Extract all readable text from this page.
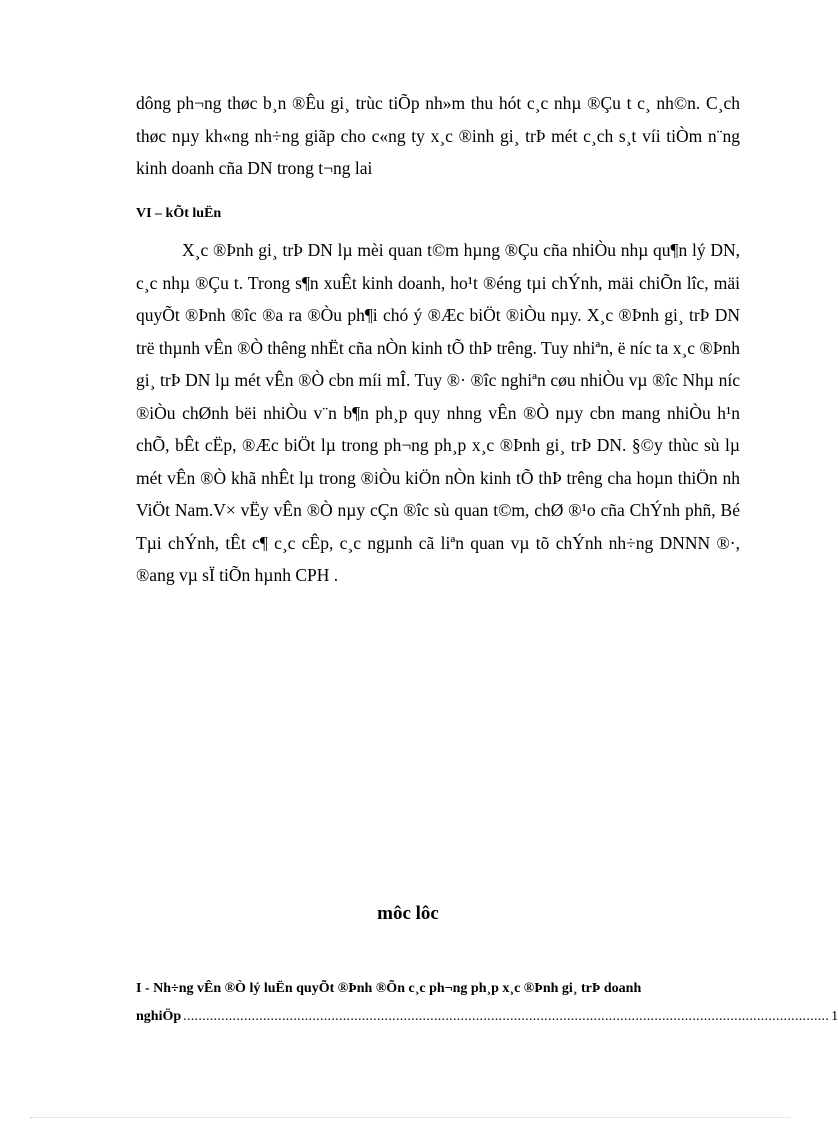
dông ph¬ng thøc b¸n ®Êu gi¸ trùc tiÕp nh»m thu hót c¸c nhµ ®Çu t c¸ nh©n. C¸ch thøc nµy kh«ng nh÷ng giãp cho c«ng ty x¸c ®inh gi¸ trÞ mét c¸ch s¸t víi tiÒm n¨ng kinh doanh cña DN trong t¬ng lai

VI – kÕt luËn

X¸c ®Þnh gi¸ trÞ DN lµ mèi quan t©m hµng ®Çu cña nhiÒu nhµ qu¶n lý DN, c¸c nhµ ®Çu t. Trong s¶n xuÊt kinh doanh, ho¹t ®éng tµi chÝnh, mäi chiÕn lîc, mäi quyÕt ®Þnh ®îc ®a ra ®Òu ph¶i chó ý ®Æc biÖt ®iÒu nµy. X¸c ®Þnh gi¸ trÞ DN trë thµnh vÊn ®Ò thêng nhËt cña nÒn kinh tÕ thÞ trêng. Tuy nhiªn, ë níc ta x¸c ®Þnh gi¸ trÞ DN lµ mét vÊn ®Ò cbn míi mÎ. Tuy ®· ®îc nghiªn cøu nhiÒu vµ ®îc Nhµ níc ®iÒu chØnh bëi nhiÒu v¨n b¶n ph¸p quy nhng vÊn ®Ò nµy cbn mang nhiÒu h¹n chÕ, bÊt cËp, ®Æc biÖt lµ trong ph¬ng ph¸p x¸c ®Þnh gi¸ trÞ DN. §©y thùc sù lµ mét vÊn ®Ò khã nhÊt lµ trong ®iÒu kiÖn nÒn kinh tÕ thÞ trêng cha hoµn thiÖn nh ViÖt Nam.V× vËy vÊn ®Ò nµy cÇn ®îc sù quan t©m, chØ ®¹o cña ChÝnh phñ, Bé Tµi chÝnh, tÊt c¶ c¸c cÊp, c¸c ngµnh cã liªn quan vµ tõ chÝnh nh÷ng DNNN ®·, ®ang vµ sÏ tiÕn hµnh CPH .

môc lôc
I - Nh÷ng vÊn ®Ò lý luËn quyÕt ®Þnh ®Õn c¸c ph¬ng ph¸p x¸c ®Þnh gi¸ trÞ doanh
nghiÖp .......................................................................................................................................................................... 1
